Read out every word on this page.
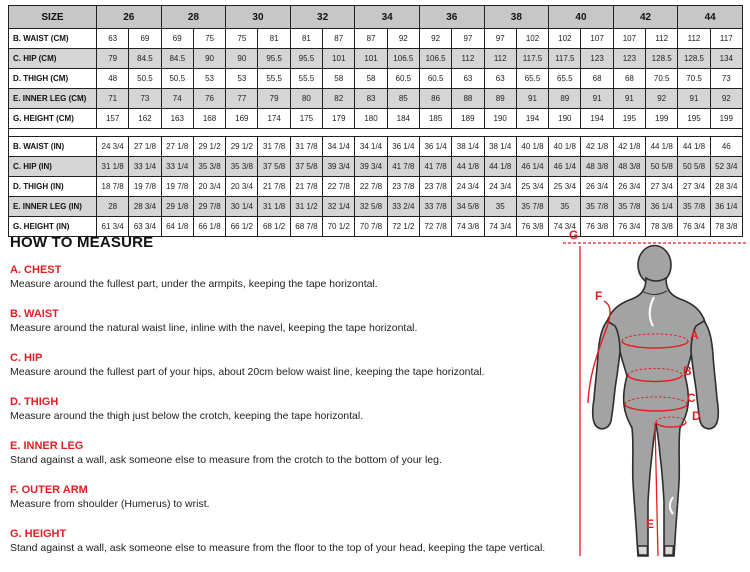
SIZE	26		28		30		32		34		36		38		40		42		44	
B. WAIST (CM)	63	69	69	75	75	81	81	87	87	92	92	97	97	102	102	107	107	112	112	117
C. HIP (CM)	79	84.5	84.5	90	90	95.5	95.5	101	101	106.5	106.5	112	112	117.5	117.5	123	123	128.5	128.5	134
D. THIGH (CM)	48	50.5	50.5	53	53	55.5	55.5	58	58	60.5	60.5	63	63	65.5	65.5	68	68	70.5	70.5	73
E. INNER LEG (CM)	71	73	74	76	77	79	80	82	83	85	86	88	89	91	89	91	91	92	91	92
G. HEIGHT (CM)	157	162	163	168	169	174	175	179	180	184	185	189	190	194	190	194	195	199	195	199

B. WAIST (IN)	24 3/4	27 1/8	27 1/8	29 1/2	29 1/2	31 7/8	31 7/8	34 1/4	34 1/4	36 1/4	36 1/4	38 1/4	38 1/4	40 1/8	40 1/8	42 1/8	42 1/8	44 1/8	44 1/8	46
C. HIP (IN)	31 1/8	33 1/4	33 1/4	35 3/8	35 3/8	37 5/8	37 5/8	39 3/4	39 3/4	41 7/8	41 7/8	44 1/8	44 1/8	46 1/4	46 1/4	48 3/8	48 3/8	50 5/8	50 5/8	52 3/4
D. THIGH (IN)	18 7/8	19 7/8	19 7/8	20 3/4	20 3/4	21 7/8	21 7/8	22 7/8	22 7/8	23 7/8	23 7/8	24 3/4	24 3/4	25 3/4	25 3/4	26 3/4	26 3/4	27 3/4	27 3/4	28 3/4
E. INNER LEG (IN)	28	28 3/4	29 1/8	29 7/8	30 1/4	31 1/8	31 1/2	32 1/4	32 5/8	33 2/4	33 7/8	34 5/8	35	35 7/8	35	35 7/8	35 7/8	36 1/4	35 7/8	36 1/4
G. HEIGHT (IN)	61 3/4	63 3/4	64 1/8	66 1/8	66 1/2	68 1/2	68 7/8	70 1/2	70 7/8	72 1/2	72 7/8	74 3/8	74 3/4	76 3/8	74 3/4	76 3/8	76 3/4	78 3/8	76 3/4	78 3/8
HOW TO MEASURE
A. CHEST
Measure around the fullest part, under the armpits, keeping the tape horizontal.
B. WAIST
Measure around the natural waist line, inline with the navel, keeping the tape horizontal.
C. HIP
Measure around the fullest part of your hips, about 20cm below waist line, keeping the tape horizontal.
D. THIGH
Measure around the thigh just below the crotch, keeping the tape horizontal.
E. INNER LEG
Stand against a wall, ask someone else to measure from the crotch to the bottom of your leg.
F. OUTER ARM
Measure from shoulder (Humerus) to wrist.
G. HEIGHT
Stand against a wall, ask someone else to measure from the floor to the top of your head, keeping the tape vertical.
G
F
A
B
C
D
E
